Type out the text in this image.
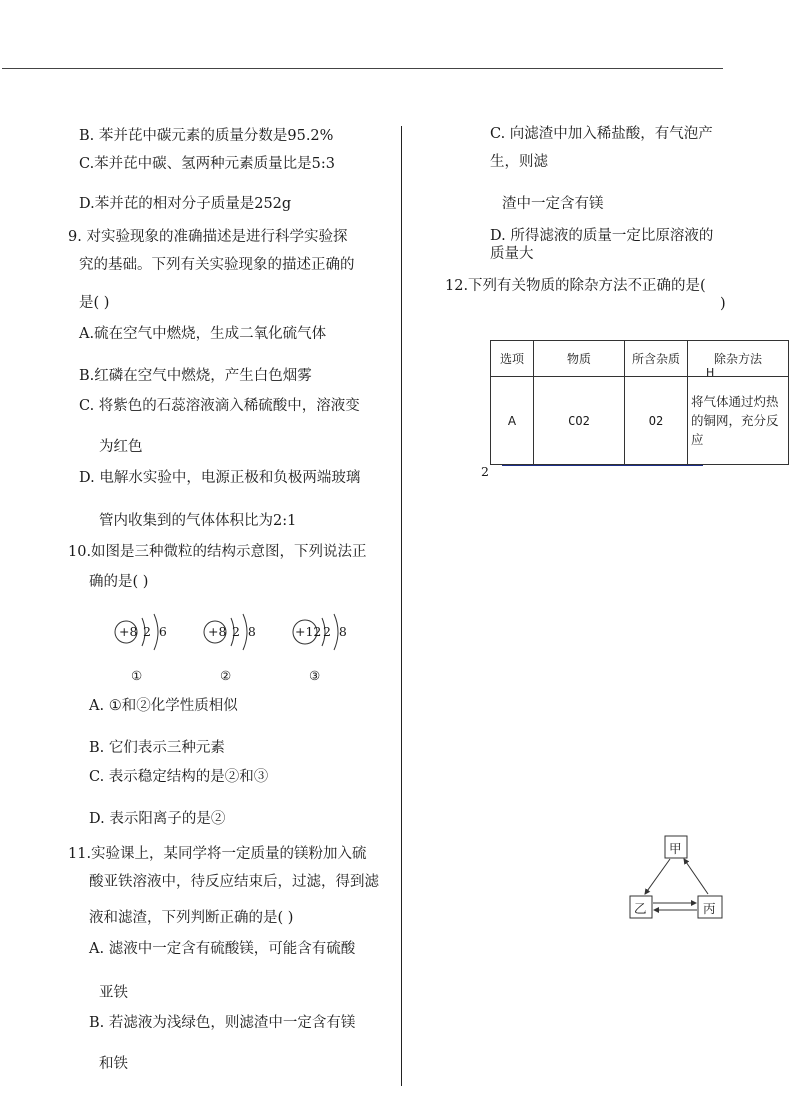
B. 苯并芘中碳元素的质量分数是95.2%
C.苯并芘中碳、氢两种元素质量比是5:3
D.苯并芘的相对分子质量是252g
9. 对实验现象的准确描述是进行科学实验探
究的基础。下列有关实验现象的描述正确的
是( )
A.硫在空气中燃烧，生成二氧化硫气体
B.红磷在空气中燃烧，产生白色烟雾
C. 将紫色的石蕊溶液滴入稀硫酸中，溶液变
为红色
D. 电解水实验中，电源正极和负极两端玻璃
管内收集到的气体体积比为2:1
10.如图是三种微粒的结构示意图，下列说法正
确的是( )
+8 2 6
①
+8 2 8
②
+12 2 8
③
A. ①和②化学性质相似
B. 它们表示三种元素
C. 表示稳定结构的是②和③
D. 表示阳离子的是②
11.实验课上，某同学将一定质量的镁粉加入硫
酸亚铁溶液中，待反应结束后，过滤，得到滤
液和滤渣，下列判断正确的是( )
A. 滤液中一定含有硫酸镁，可能含有硫酸
亚铁
B. 若滤液为浅绿色，则滤渣中一定含有镁
和铁
C. 向滤渣中加入稀盐酸，有气泡产
生，则滤
渣中一定含有镁
D. 所得滤液的质量一定比原溶液的
质量大
12.下列有关物质的除杂方法不正确的是(
)
选项	物质	所含杂质	除杂方法
H

A	CO2	O2	将气体通过灼热的铜网，充分反应
2
甲
乙	丙
